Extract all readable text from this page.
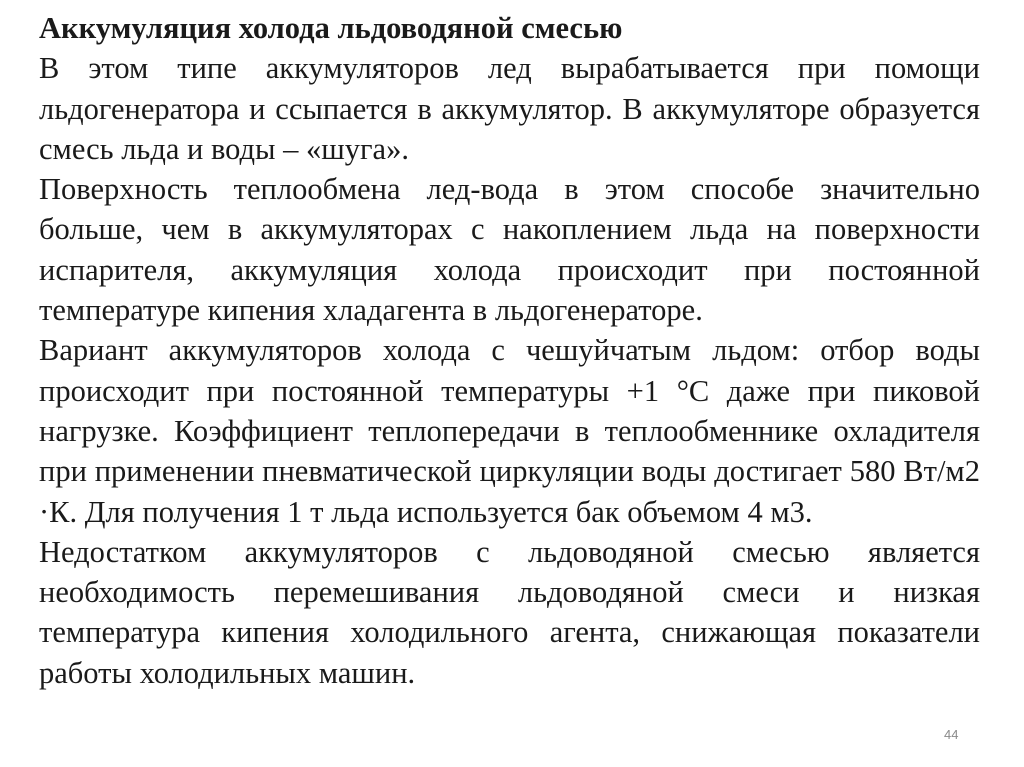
Аккумуляция холода льдоводяной смесью

В этом типе аккумуляторов лед вырабатывается при помощи льдогенератора и ссыпается в аккумулятор. В аккумуляторе образуется смесь льда и воды – «шуга».

Поверхность теплообмена лед-вода в этом способе значительно больше, чем в аккумуляторах с накоплением льда на поверхности испарителя, аккумуляция холода происходит при постоянной температуре кипения хладагента в льдогенераторе.

Вариант аккумуляторов холода с чешуйчатым льдом: отбор воды происходит при постоянной температуры +1 °С даже при пиковой нагрузке. Коэффициент теплопередачи в теплообменнике охладителя при применении пневматической циркуляции воды достигает 580 Вт/м2 ·К. Для получения 1 т льда используется бак объемом 4 м3.

Недостатком аккумуляторов с льдоводяной смесью является необходимость перемешивания льдоводяной смеси и низкая температура кипения холодильного агента, снижающая показатели работы холодильных машин.

44
